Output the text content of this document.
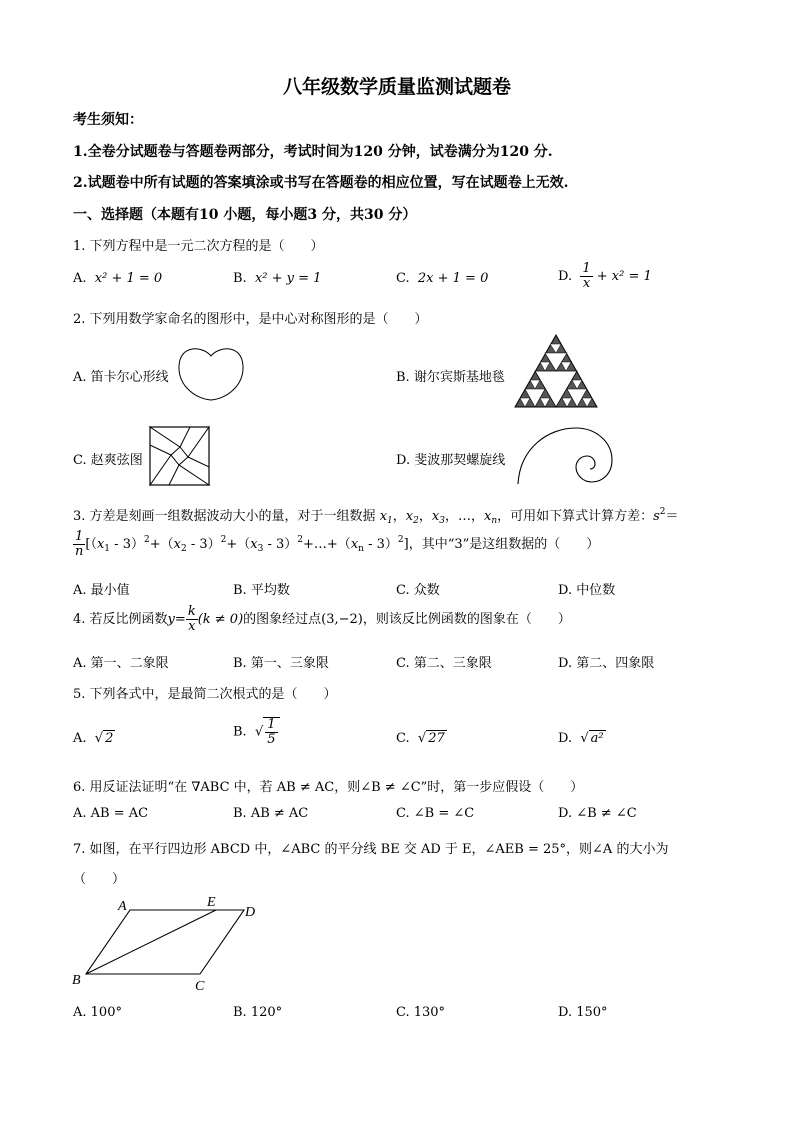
八年级数学质量监测试题卷
考生须知：
1.全卷分试题卷与答题卷两部分，考试时间为120 分钟，试卷满分为120 分.
2.试题卷中所有试题的答案填涂或书写在答题卷的相应位置，写在试题卷上无效.
一、选择题（本题有10 小题，每小题3 分，共30 分）
1. 下列方程中是一元二次方程的是（　　）
A. x² + 1 = 0	B. x² + y = 1	C. 2x + 1 = 0	D. $\frac{1}{x} + x^2 = 1$
2. 下列用数学家命名的图形中，是中心对称图形的是（　　）
A. 笛卡尔心形线	B. 谢尔宾斯基地毯
C. 赵爽弦图	D. 斐波那契螺旋线
3. 方差是刻画一组数据波动大小的量，对于一组数据 $x_1$，$x_2$，$x_3$，…，$x_n$，可用如下算式计算方差：$s^2=$
$\frac{1}{n} [(x_1 - 3)^2+(x_2 - 3)^2+(x_3$ - $3)^2+\dots+(x_n - 3)^2$]，其中“3”是这组数据的（　　）
A. 最小值	B. 平均数	C. 众数	D. 中位数
4. 若反比例函数$y= \frac{k}{x} (k \ne 0)$的图象经过点(3,−2)，则该反比例函数的图象在（　　）
A. 第一、二象限	B. 第一、三象限	C. 第二、三象限	D. 第二、四象限
5. 下列各式中，是最简二次根式的是（　　）
A.  √ 2	B.  √ $\frac{1}{5}$	C.  √ 27	D.  √ a²
6. 用反证法证明“在 ∇ABC 中，若 AB ≠ AC，则∠B ≠ ∠C”时，第一步应假设（　　）
A. AB = AC	B. AB ≠ AC	C. ∠B = ∠C	D. ∠B ≠ ∠C
7. 如图，在平行四边形 ABCD 中，∠ABC 的平分线 BE 交 AD 于 E，∠AEB = 25°，则∠A 的大小为
（　　）
A	E
D
B	C
A. 100°	B. 120°	C. 130°	D. 150°
